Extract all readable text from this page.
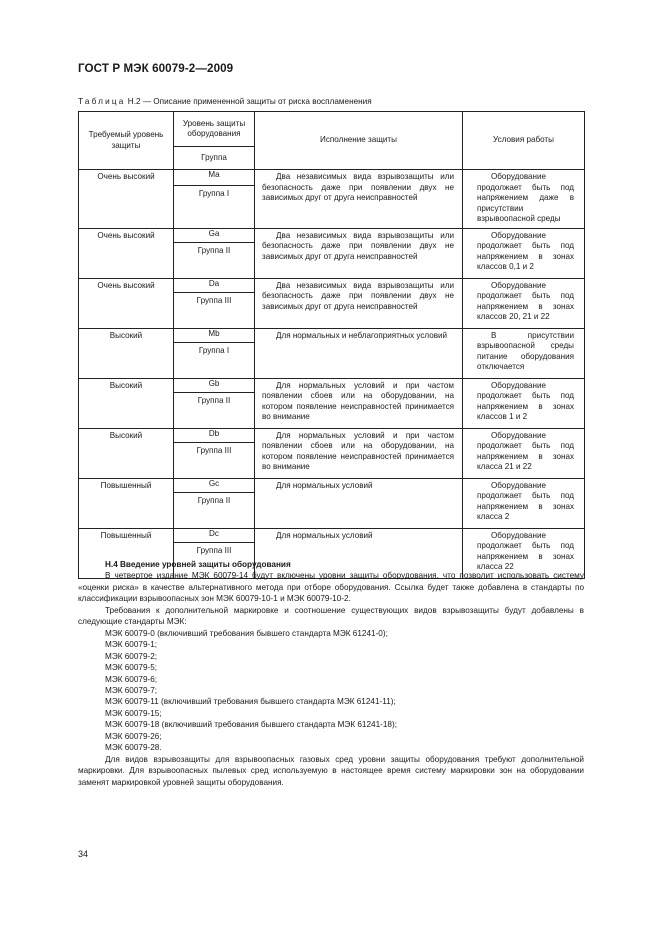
ГОСТ Р МЭК 60079-2—2009
Таблица Н.2 — Описание примененной защиты от риска воспламенения
Требуемый уровень защиты	Уровень защиты оборудования	Исполнение защиты	Условия работы
	Группа		
Очень высокий	Ма	Два независимых вида взрывозащиты или безопасность даже при появлении двух не зависимых друг от друга неисправностей	Оборудование продолжает быть под напряжением даже в присутствии взрывоопасной среды
	Группа I		
Очень высокий	Ga	Два независимых вида взрывозащиты или безопасность даже при появлении двух не зависимых друг от друга неисправностей	Оборудование продолжает быть под напряжением в зонах классов 0,1 и 2
	Группа II		
Очень высокий	Da	Два независимых вида взрывозащиты или безопасность даже при появлении двух не зависимых друг от друга неисправностей	Оборудование продолжает быть под напряжением в зонах классов 20, 21 и 22
	Группа III		
Высокий	Mb	Для нормальных и неблагоприятных условий	В присутствии взрывоопасной среды питание оборудования отключается
	Группа I		
Высокий	Gb	Для нормальных условий и при частом появлении сбоев или на оборудовании, на котором появление неисправностей принимается во внимание	Оборудование продолжает быть под напряжением в зонах классов 1 и 2
	Группа II		
Высокий	Db	Для нормальных условий и при частом появлении сбоев или на оборудовании, на котором появление неисправностей принимается во внимание	Оборудование продолжает быть под напряжением в зонах класса 21 и 22
	Группа III		
Повышенный	Gc	Для нормальных условий	Оборудование продолжает быть под напряжением в зонах класса 2
	Группа II		
Повышенный	Dc	Для нормальных условий	Оборудование продолжает быть под напряжением в зонах класса 22
	Группа III		

Н.4 Введение уровней защиты оборудования

В четвертое издание МЭК 60079-14 будут включены уровни защиты оборудования, что позволит использовать систему «оценки риска» в качестве альтернативного метода при отборе оборудования. Ссылка будет также добавлена в стандарты по классификации взрывоопасных зон МЭК 60079-10-1 и МЭК 60079-10-2.

Требования к дополнительной маркировке и соотношение существующих видов взрывозащиты будут добавлены в следующие стандарты МЭК:

МЭК 60079-0 (включивший требования бывшего стандарта МЭК 61241-0);

МЭК 60079-1;

МЭК 60079-2;

МЭК 60079-5;

МЭК 60079-6;

МЭК 60079-7;

МЭК 60079-11 (включивший требования бывшего стандарта МЭК 61241-11);

МЭК 60079-15;

МЭК 60079-18 (включивший требования бывшего стандарта МЭК 61241-18);

МЭК 60079-26;

МЭК 60079-28.

Для видов взрывозащиты для взрывоопасных газовых сред уровни защиты оборудования требуют дополнительной маркировки. Для взрывоопасных пылевых сред используемую в настоящее время систему маркировки зон на оборудовании заменят маркировкой уровней защиты оборудования.

34
